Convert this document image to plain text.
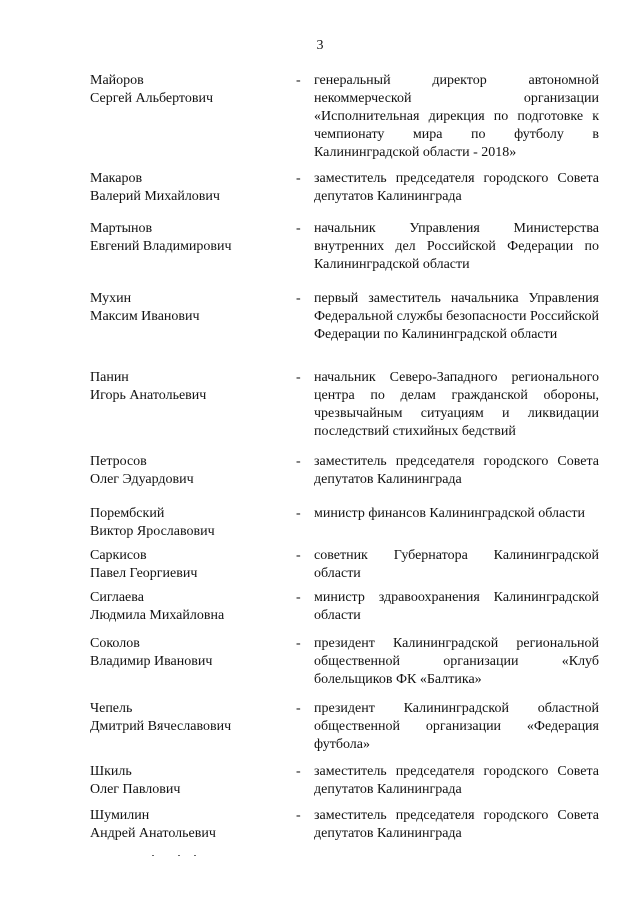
3
Майоров
Сергей Альбертович
- генеральный директор автономной некоммерческой организации «Исполнительная дирекция по подготовке к чемпионату мира по футболу в Калининградской области - 2018»
Макаров
Валерий Михайлович
- заместитель председателя городского Совета депутатов Калининграда
Мартынов
Евгений Владимирович
- начальник Управления Министерства внутренних дел Российской Федерации по Калининградской области
Мухин
Максим Иванович
- первый заместитель начальника Управления Федеральной службы безопасности Российской Федерации по Калининградской области
Панин
Игорь Анатольевич
- начальник Северо-Западного регионального центра по делам гражданской обороны, чрезвычайным ситуациям и ликвидации последствий стихийных бедствий
Петросов
Олег Эдуардович
- заместитель председателя городского Совета депутатов Калининграда
Порембский
Виктор Ярославович
- министр финансов Калининградской области
Саркисов
Павел Георгиевич
- советник Губернатора Калининградской области
Сиглаева
Людмила Михайловна
- министр здравоохранения Калининградской области
Соколов
Владимир Иванович
- президент Калининградской региональной общественной организации «Клуб болельщиков ФК «Балтика»
Чепель
Дмитрий Вячеславович
- президент Калининградской областной общественной организации «Федерация футбола»
Шкиль
Олег Павлович
- заместитель председателя городского Совета депутатов Калининграда
Шумилин
Андрей Анатольевич
- заместитель председателя городского Совета депутатов Калининграда
